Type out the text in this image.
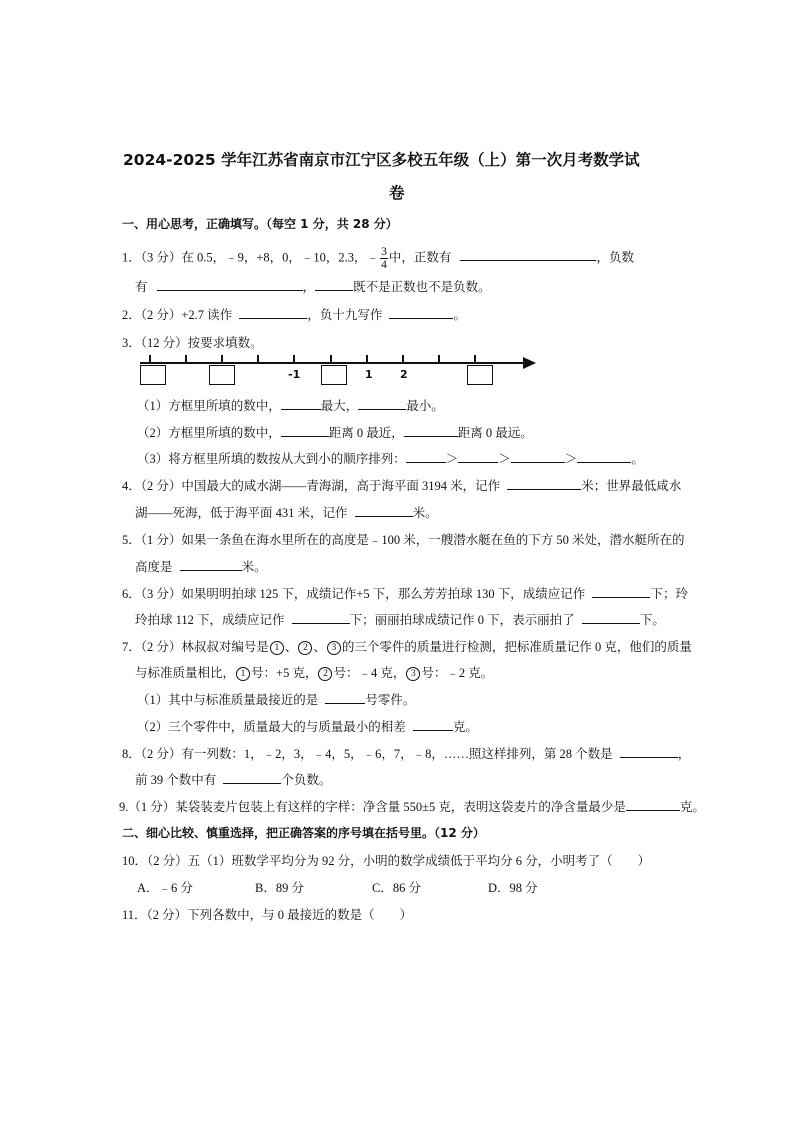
2024-2025 学年江苏省南京市江宁区多校五年级（上）第一次月考数学试
卷
一、用心思考，正确填写。（每空 1 分，共 28 分）
1．（3 分）在 0.5，﹣9，+8，0，﹣10，2.3，﹣ $\frac{3}{4}$ 中，正数有	，负数
有	，	既不是正数也不是负数。
2．（2 分）+2.7 读作	，负十九写作	。
3．（12 分）按要求填数。
-1	1 2
（1）方框里所填的数中，	最大，	最小。
（2）方框里所填的数中，	距离 0 最近，	距离 0 最远。
（3）将方框里所填的数按从大到小的顺序排列：	＞	＞	＞	。
4．（2 分）中国最大的咸水湖——青海湖，高于海平面 3194 米，记作	米；世界最低咸水
湖——死海，低于海平面 431 米，记作	米。
5．（1 分）如果一条鱼在海水里所在的高度是﹣100 米，一艘潜水艇在鱼的下方 50 米处，潜水艇所在的
高度是	米。
6．（3 分）如果明明拍球 125 下，成绩记作+5 下，那么芳芳拍球 130 下，成绩应记作	下；玲
玲拍球 112 下，成绩应记作	下；丽丽拍球成绩记作 0 下，表示丽拍了	下。
7．（2 分）林叔叔对编号是 1 、 2 、 3 的三个零件的质量进行检测，把标准质量记作 0 克，他们的质量
与标准质量相比， 1 号：+5 克， 2 号：﹣4 克， 3 号：﹣2 克。
（1）其中与标准质量最接近的是	号零件。
（2）三个零件中，质量最大的与质量最小的相差	克。
8．（2 分）有一列数：1，﹣2，3，﹣4，5，﹣6，7，﹣8，……照这样排列，第 28 个数是	，
前 39 个数中有	个负数。
9.（1 分）某袋装麦片包装上有这样的字样：净含量 550±5 克，表明这袋麦片的净含量最少是	克。
二、细心比较、慎重选择，把正确答案的序号填在括号里。（12 分）
10．（2 分）五（1）班数学平均分为 92 分，小明的数学成绩低于平均分 6 分，小明考了（　　）
A．﹣6 分	B．89 分	C．86 分	D．98 分
11．（2 分）下列各数中，与 0 最接近的数是（　　）
